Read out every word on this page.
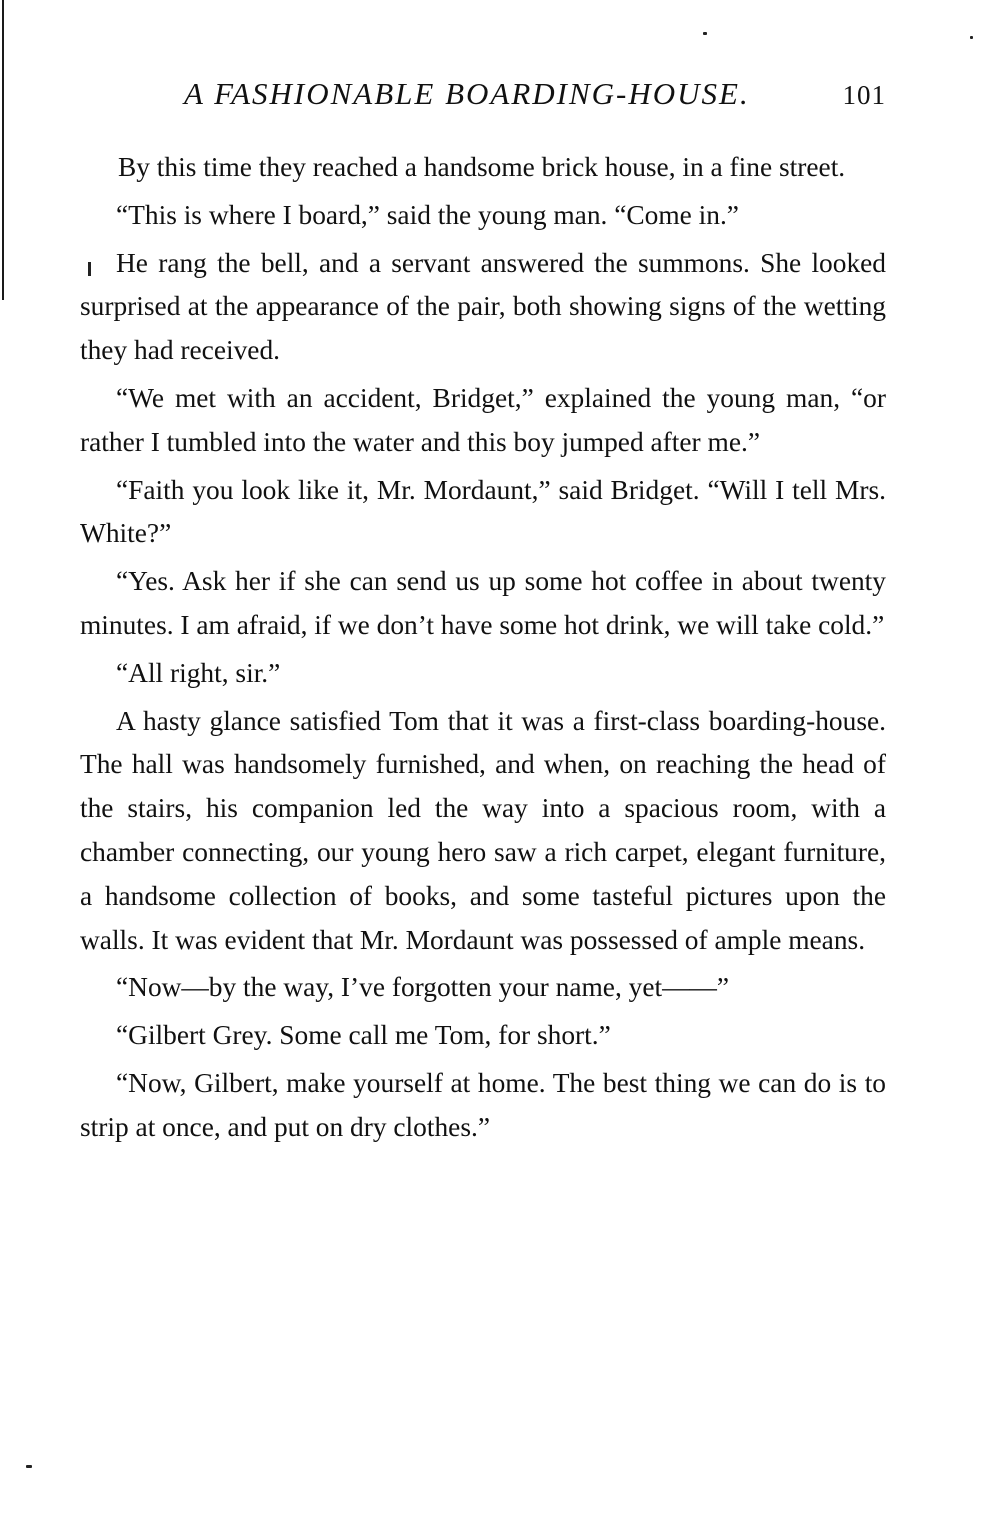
A FASHIONABLE BOARDING-HOUSE.	101

By this time they reached a handsome brick house, in a fine street.

“This is where I board,” said the young man. “Come in.”

He rang the bell, and a servant answered the summons. She looked surprised at the appearance of the pair, both showing signs of the wetting they had received.

“We met with an accident, Bridget,” explained the young man, “or rather I tumbled into the water and this boy jumped after me.”

“Faith you look like it, Mr. Mordaunt,” said Bridget. “Will I tell Mrs. White?”

“Yes. Ask her if she can send us up some hot coffee in about twenty minutes. I am afraid, if we don’t have some hot drink, we will take cold.”

“All right, sir.”

A hasty glance satisfied Tom that it was a first-class boarding-house. The hall was handsomely furnished, and when, on reaching the head of the stairs, his companion led the way into a spacious room, with a chamber connecting, our young hero saw a rich carpet, elegant furniture, a handsome collection of books, and some tasteful pictures upon the walls. It was evident that Mr. Mordaunt was possessed of ample means.

“Now—by the way, I’ve forgotten your name, yet——”

“Gilbert Grey. Some call me Tom, for short.”

“Now, Gilbert, make yourself at home. The best thing we can do is to strip at once, and put on dry clothes.”
